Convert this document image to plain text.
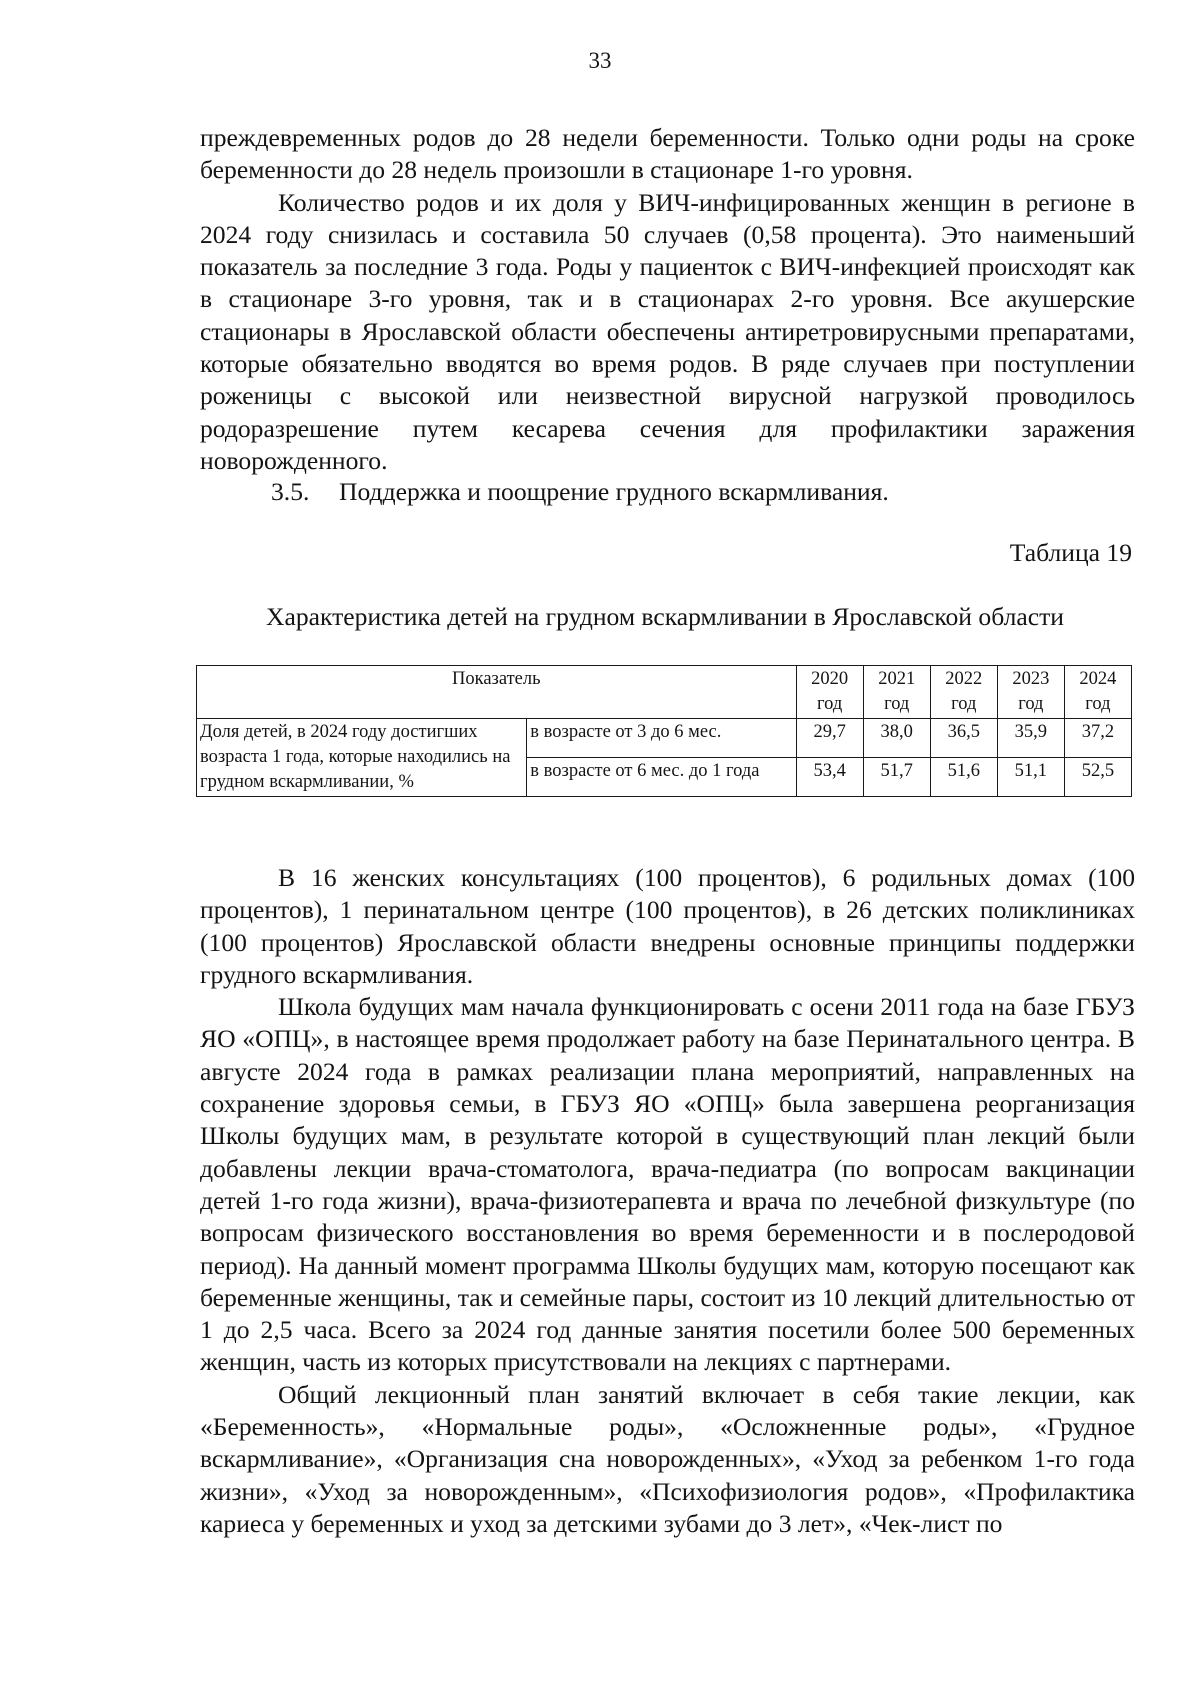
33

преждевременных родов до 28 недели беременности. Только одни роды на сроке беременности до 28 недель произошли в стационаре 1-го уровня.

Количество родов и их доля у ВИЧ-инфицированных женщин в регионе в 2024 году снизилась и составила 50 случаев (0,58 процента). Это наименьший показатель за последние 3 года. Роды у пациенток с ВИЧ-инфекцией происходят как в стационаре 3-го уровня, так и в стационарах 2-го уровня. Все акушерские стационары в Ярославской области обеспечены антиретровирусными препаратами, которые обязательно вводятся во время родов. В ряде случаев при поступлении роженицы с высокой или неизвестной вирусной нагрузкой проводилось родоразрешение путем кесарева сечения для профилактики заражения новорожденного.

3.5. Поддержка и поощрение грудного вскармливания.
Таблица 19
Характеристика детей на грудном вскармливании в Ярославской области
Показатель		2020 год	2021 год	2022 год	2023 год	2024 год
Доля детей, в 2024 году достигших возраста 1 года, которые находились на грудном вскармливании, %	в возрасте от 3 до 6 мес.	29,7	38,0	36,5	35,9	37,2
	в возрасте от 6 мес. до 1 года	53,4	51,7	51,6	51,1	52,5

В 16 женских консультациях (100 процентов), 6 родильных домах (100 процентов), 1 перинатальном центре (100 процентов), в 26 детских поликлиниках (100 процентов) Ярославской области внедрены основные принципы поддержки грудного вскармливания.

Школа будущих мам начала функционировать с осени 2011 года на базе ГБУЗ ЯО «ОПЦ», в настоящее время продолжает работу на базе Перинатального центра. В августе 2024 года в рамках реализации плана мероприятий, направленных на сохранение здоровья семьи, в ГБУЗ ЯО «ОПЦ» была завершена реорганизация Школы будущих мам, в результате которой в существующий план лекций были добавлены лекции врача-стоматолога, врача-педиатра (по вопросам вакцинации детей 1-го года жизни), врача-физиотерапевта и врача по лечебной физкультуре (по вопросам физического восстановления во время беременности и в послеродовой период). На данный момент программа Школы будущих мам, которую посещают как беременные женщины, так и семейные пары, состоит из 10 лекций длительностью от 1 до 2,5 часа. Всего за 2024 год данные занятия посетили более 500 беременных женщин, часть из которых присутствовали на лекциях с партнерами.

Общий лекционный план занятий включает в себя такие лекции, как «Беременность», «Нормальные роды», «Осложненные роды», «Грудное вскармливание», «Организация сна новорожденных», «Уход за ребенком 1-го года жизни», «Уход за новорожденным», «Психофизиология родов», «Профилактика кариеса у беременных и уход за детскими зубами до 3 лет», «Чек-лист по
